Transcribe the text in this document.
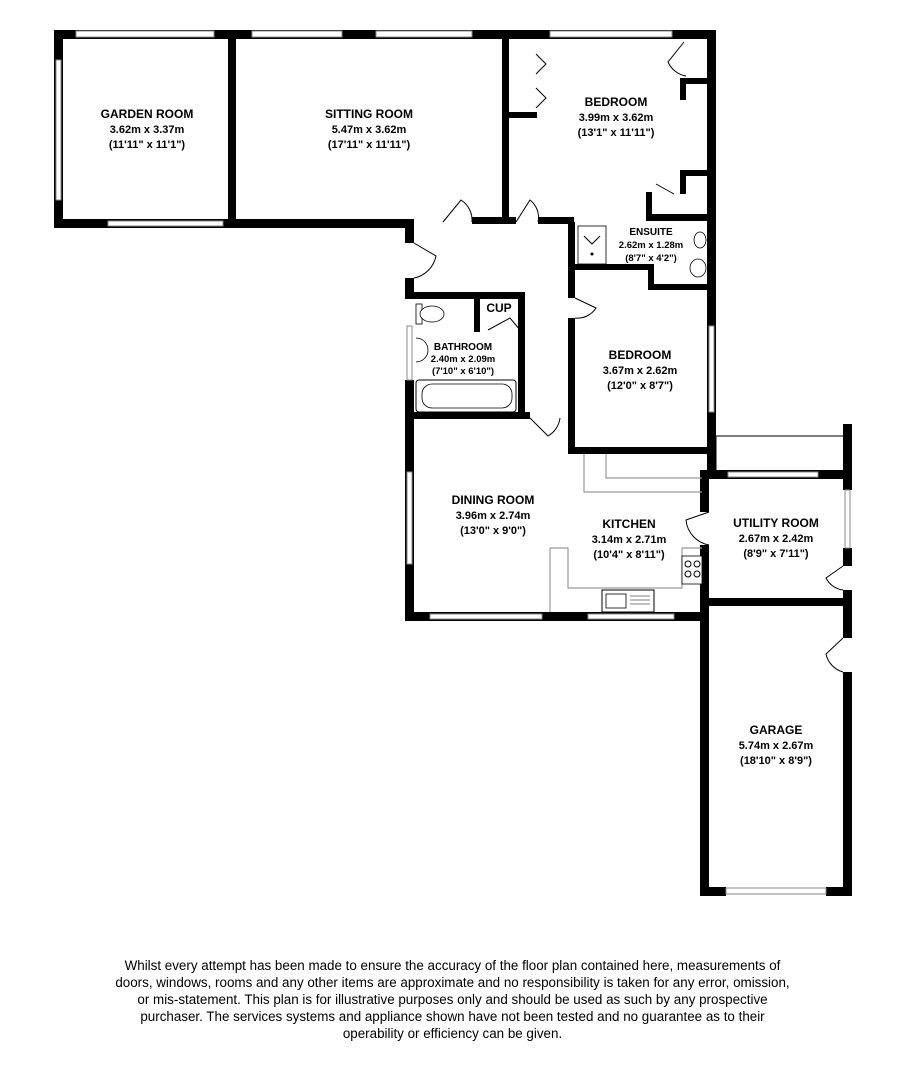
GARDEN ROOM
3.62m x 3.37m
(11'11" x 11'1")
SITTING ROOM
5.47m x 3.62m
(17'11" x 11'11")
BEDROOM
3.99m x 3.62m
(13'1" x 11'11")
ENSUITE
2.62m x 1.28m
(8'7" x 4'2")
CUP
BATHROOM
2.40m x 2.09m
(7'10" x 6'10")
BEDROOM
3.67m x 2.62m
(12'0" x 8'7")
DINING ROOM
3.96m x 2.74m
(13'0" x 9'0")	KITCHEN
3.14m x 2.71m
(10'4" x 8'11")
UTILITY ROOM
2.67m x 2.42m
(8'9" x 7'11")
GARAGE
5.74m x 2.67m
(18'10" x 8'9")

Whilst every attempt has been made to ensure the accuracy of the floor plan contained here, measurements of doors, windows, rooms and any other items are approximate and no responsibility is taken for any error, omission, or mis-statement. This plan is for illustrative purposes only and should be used as such by any prospective purchaser. The services systems and appliance shown have not been tested and no guarantee as to their operability or efficiency can be given.
